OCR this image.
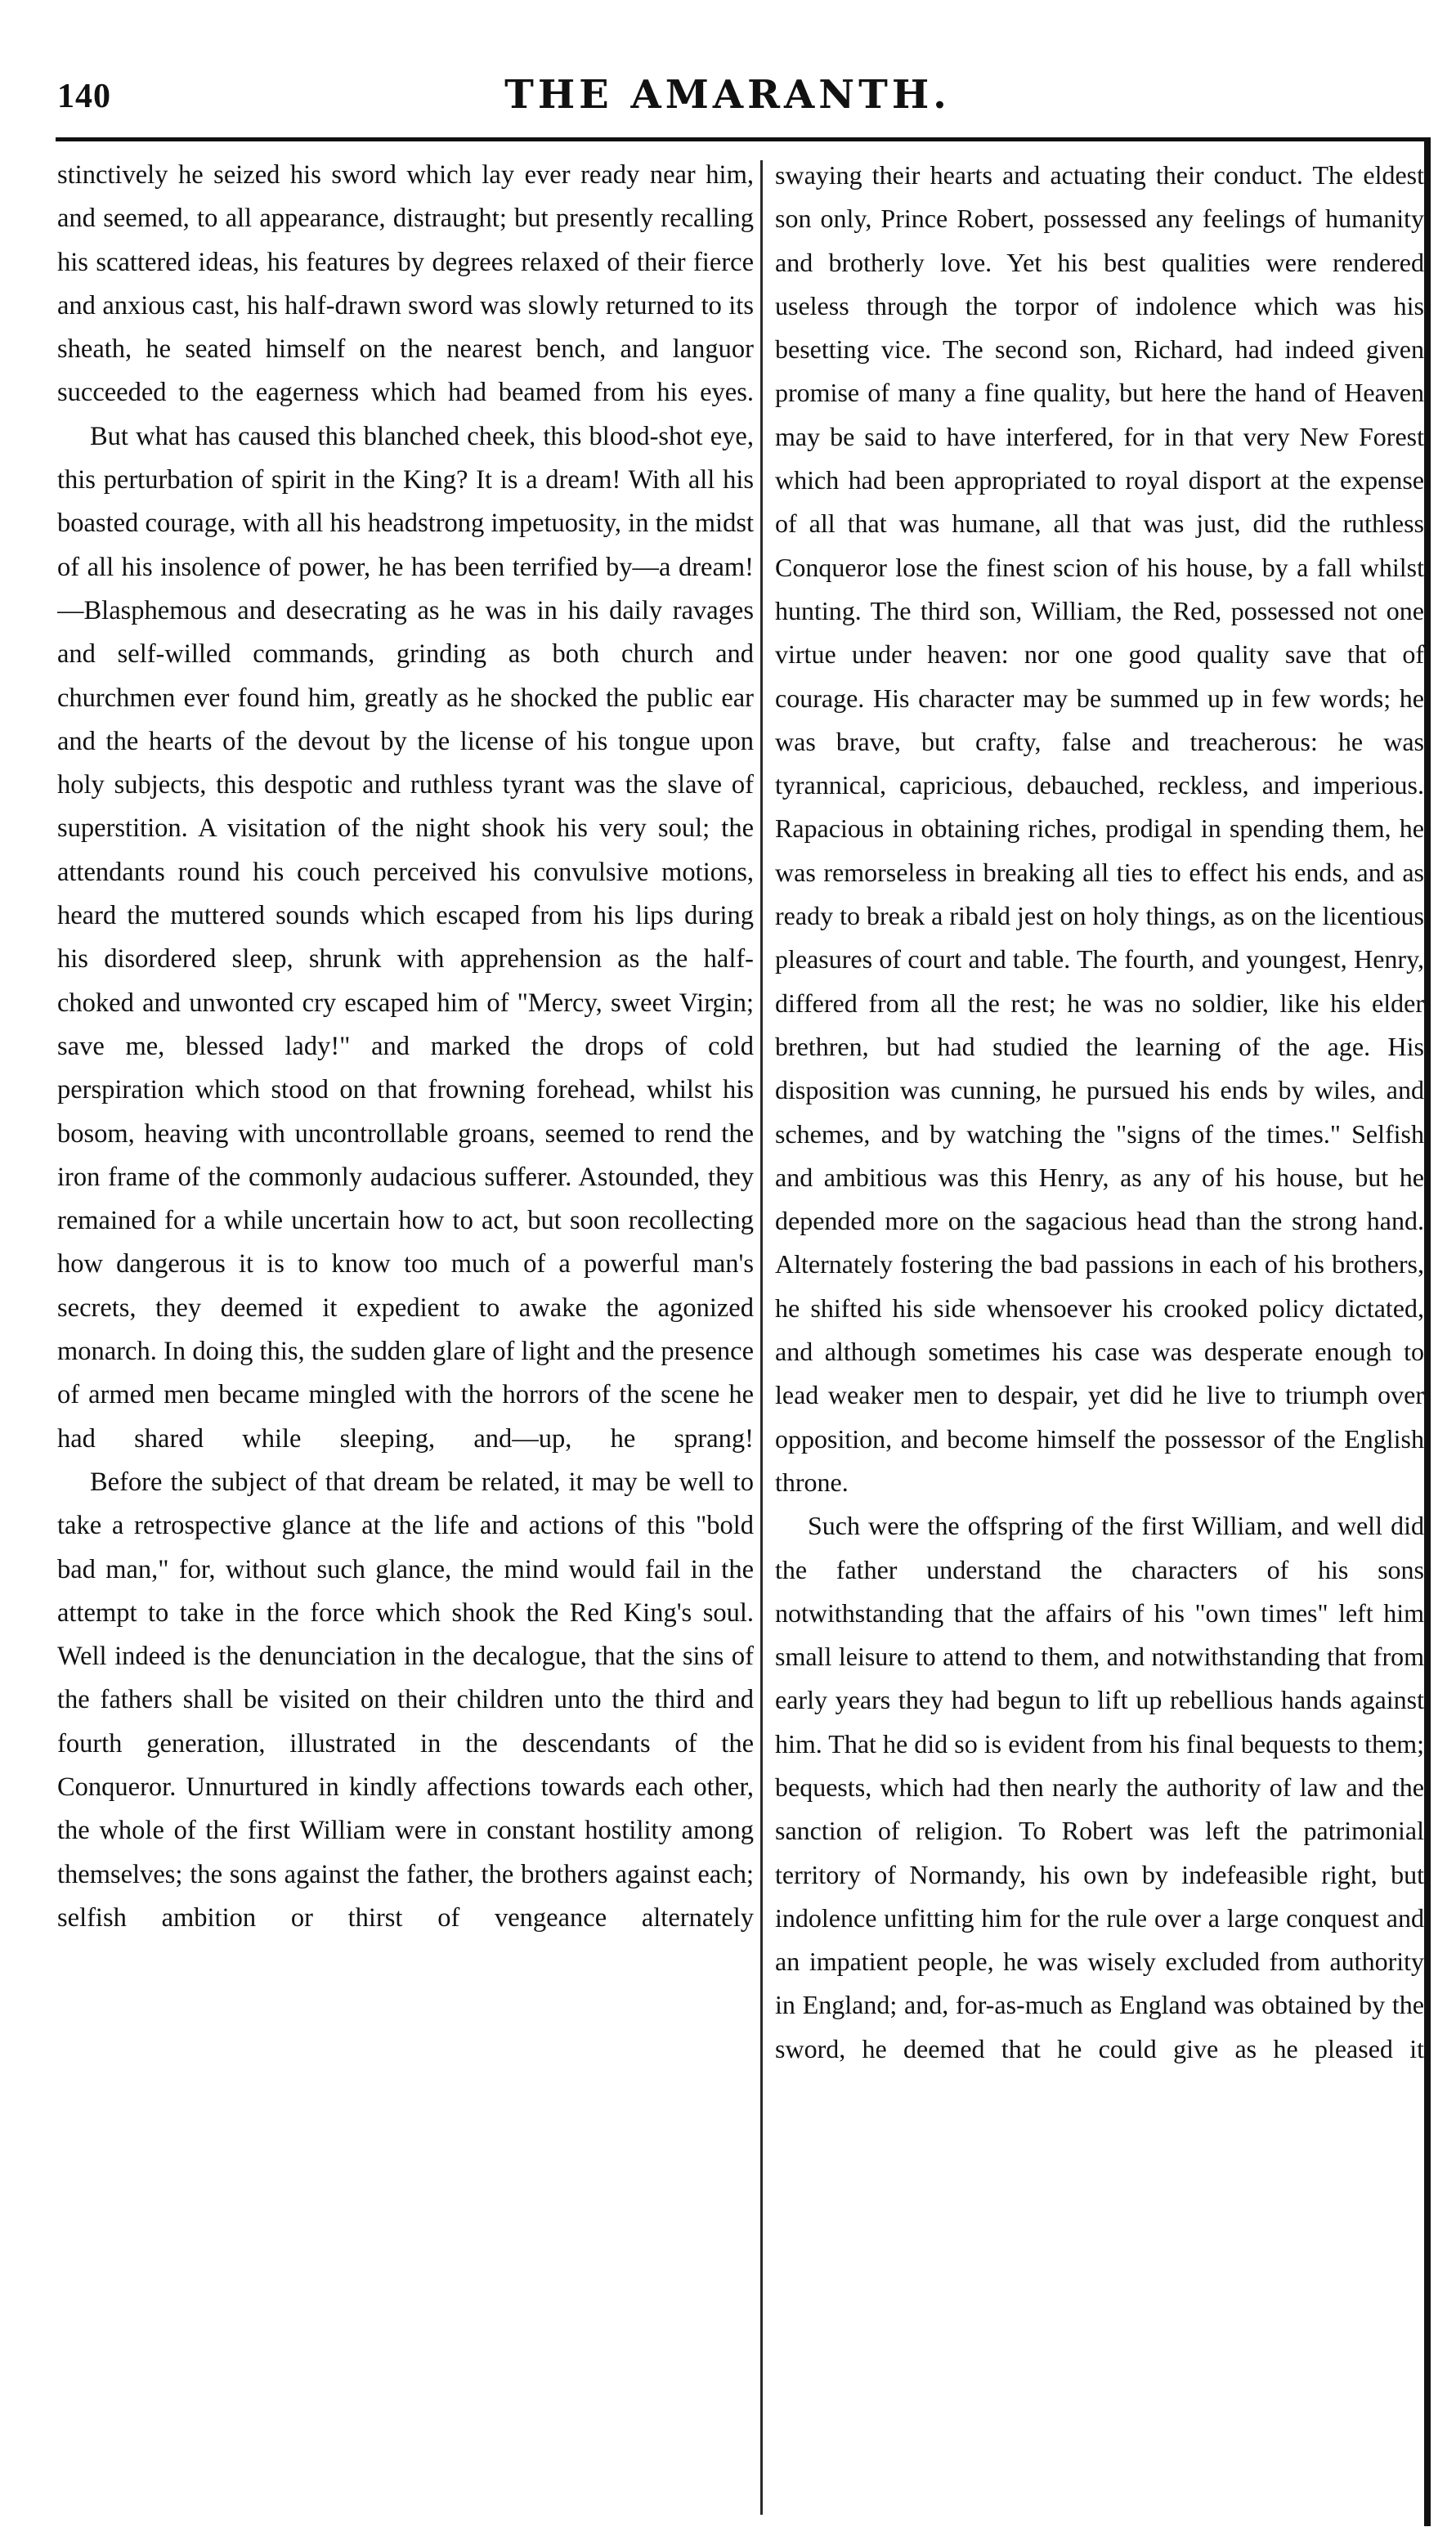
140	THE AMARANTH.

stinctively he seized his sword which lay ever ready near him, and seemed, to all appearance, distraught; but presently recalling his scattered ideas, his features by degrees relaxed of their fierce and anxious cast, his half-drawn sword was slowly returned to its sheath, he seated himself on the nearest bench, and languor succeeded to the eagerness which had beamed from his eyes.

But what has caused this blanched cheek, this blood-shot eye, this perturbation of spirit in the King? It is a dream! With all his boasted courage, with all his headstrong impetuosity, in the midst of all his insolence of power, he has been terrified by—a dream!—Blasphemous and desecrating as he was in his daily ravages and self-willed commands, grinding as both church and churchmen ever found him, greatly as he shocked the public ear and the hearts of the devout by the license of his tongue upon holy subjects, this despotic and ruthless tyrant was the slave of superstition. A visitation of the night shook his very soul; the attendants round his couch perceived his convulsive motions, heard the muttered sounds which escaped from his lips during his disordered sleep, shrunk with apprehension as the half-choked and unwonted cry escaped him of "Mercy, sweet Virgin; save me, blessed lady!" and marked the drops of cold perspiration which stood on that frowning forehead, whilst his bosom, heaving with uncontrollable groans, seemed to rend the iron frame of the commonly audacious sufferer. Astounded, they remained for a while uncertain how to act, but soon recollecting how dangerous it is to know too much of a powerful man's secrets, they deemed it expedient to awake the agonized monarch. In doing this, the sudden glare of light and the presence of armed men became mingled with the horrors of the scene he had shared while sleeping, and—up, he sprang!

Before the subject of that dream be related, it may be well to take a retrospective glance at the life and actions of this "bold bad man," for, without such glance, the mind would fail in the attempt to take in the force which shook the Red King's soul. Well indeed is the denunciation in the decalogue, that the sins of the fathers shall be visited on their children unto the third and fourth generation, illustrated in the descendants of the Conqueror. Unnurtured in kindly affections towards each other, the whole of the first William were in constant hostility among themselves; the sons against the father, the brothers against each; selfish ambition or thirst of vengeance alternately

swaying their hearts and actuating their conduct. The eldest son only, Prince Robert, possessed any feelings of humanity and brotherly love. Yet his best qualities were rendered useless through the torpor of indolence which was his besetting vice. The second son, Richard, had indeed given promise of many a fine quality, but here the hand of Heaven may be said to have interfered, for in that very New Forest which had been appropriated to royal disport at the expense of all that was humane, all that was just, did the ruthless Conqueror lose the finest scion of his house, by a fall whilst hunting. The third son, William, the Red, possessed not one virtue under heaven: nor one good quality save that of courage. His character may be summed up in few words; he was brave, but crafty, false and treacherous: he was tyrannical, capricious, debauched, reckless, and imperious. Rapacious in obtaining riches, prodigal in spending them, he was remorseless in breaking all ties to effect his ends, and as ready to break a ribald jest on holy things, as on the licentious pleasures of court and table. The fourth, and youngest, Henry, differed from all the rest; he was no soldier, like his elder brethren, but had studied the learning of the age. His disposition was cunning, he pursued his ends by wiles, and schemes, and by watching the "signs of the times." Selfish and ambitious was this Henry, as any of his house, but he depended more on the sagacious head than the strong hand. Alternately fostering the bad passions in each of his brothers, he shifted his side whensoever his crooked policy dictated, and although sometimes his case was desperate enough to lead weaker men to despair, yet did he live to triumph over opposition, and become himself the possessor of the English throne.

Such were the offspring of the first William, and well did the father understand the characters of his sons notwithstanding that the affairs of his "own times" left him small leisure to attend to them, and notwithstanding that from early years they had begun to lift up rebellious hands against him. That he did so is evident from his final bequests to them; bequests, which had then nearly the authority of law and the sanction of religion. To Robert was left the patrimonial territory of Normandy, his own by indefeasible right, but indolence unfitting him for the rule over a large conquest and an impatient people, he was wisely excluded from authority in England; and, for-as-much as England was obtained by the sword, he deemed that he could give as he pleased it
